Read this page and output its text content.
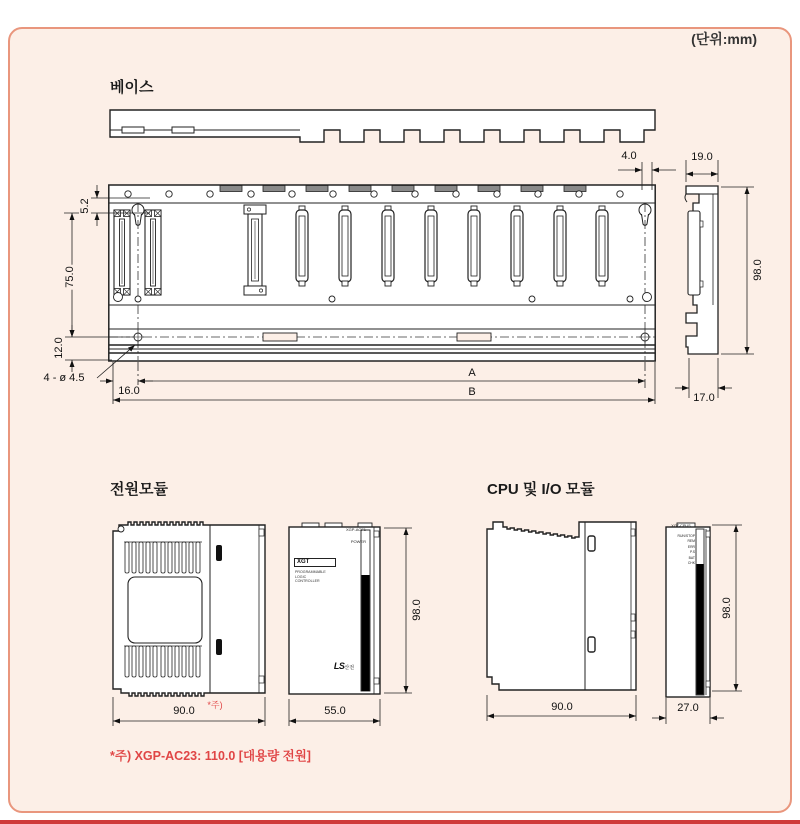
(단위:mm)
베이스
전원모듈	CPU 및 I/O 모듈
4.0	19.0
5.2
75.0	98.0
12.0
4 - ø 4.5
16.0
A
B	17.0
90.0 *주)	55.0
98.0
90.0	27.0
98.0
XGP-ACF1
POWER
XGT
PROGRAMMABLE
LOGIC
CONTROLLER
LS산전
XGT-CPUS
RUN/STOP
REM
ERR
P.S
BAT
CHK
*주) XGP-AC23: 110.0 [대용량 전원]
